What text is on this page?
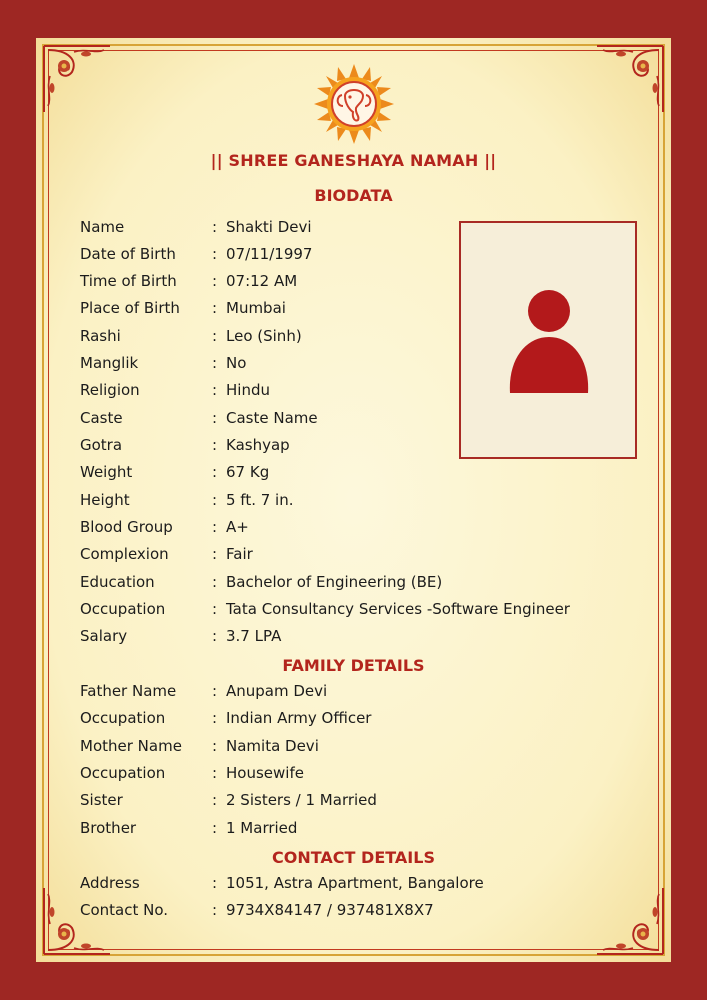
|| SHREE GANESHAYA NAMAH ||
BIODATA
Name	: Shakti Devi
Date of Birth	: 07/11/1997
Time of Birth	: 07:12 AM
Place of Birth	: Mumbai
Rashi	: Leo (Sinh)
Manglik	: No
Religion	: Hindu
Caste	: Caste Name
Gotra	: Kashyap
Weight	: 67 Kg
Height	: 5 ft. 7 in.
Blood Group	: A+
Complexion	: Fair
Education	: Bachelor of Engineering (BE)
Occupation	: Tata Consultancy Services -Software Engineer
Salary	: 3.7 LPA
FAMILY DETAILS
Father Name	: Anupam Devi
Occupation	: Indian Army Officer
Mother Name	: Namita Devi
Occupation	: Housewife
Sister	: 2 Sisters / 1 Married
Brother	: 1 Married
CONTACT DETAILS
Address	: 1051, Astra Apartment, Bangalore
Contact No.	: 9734X84147 / 937481X8X7
